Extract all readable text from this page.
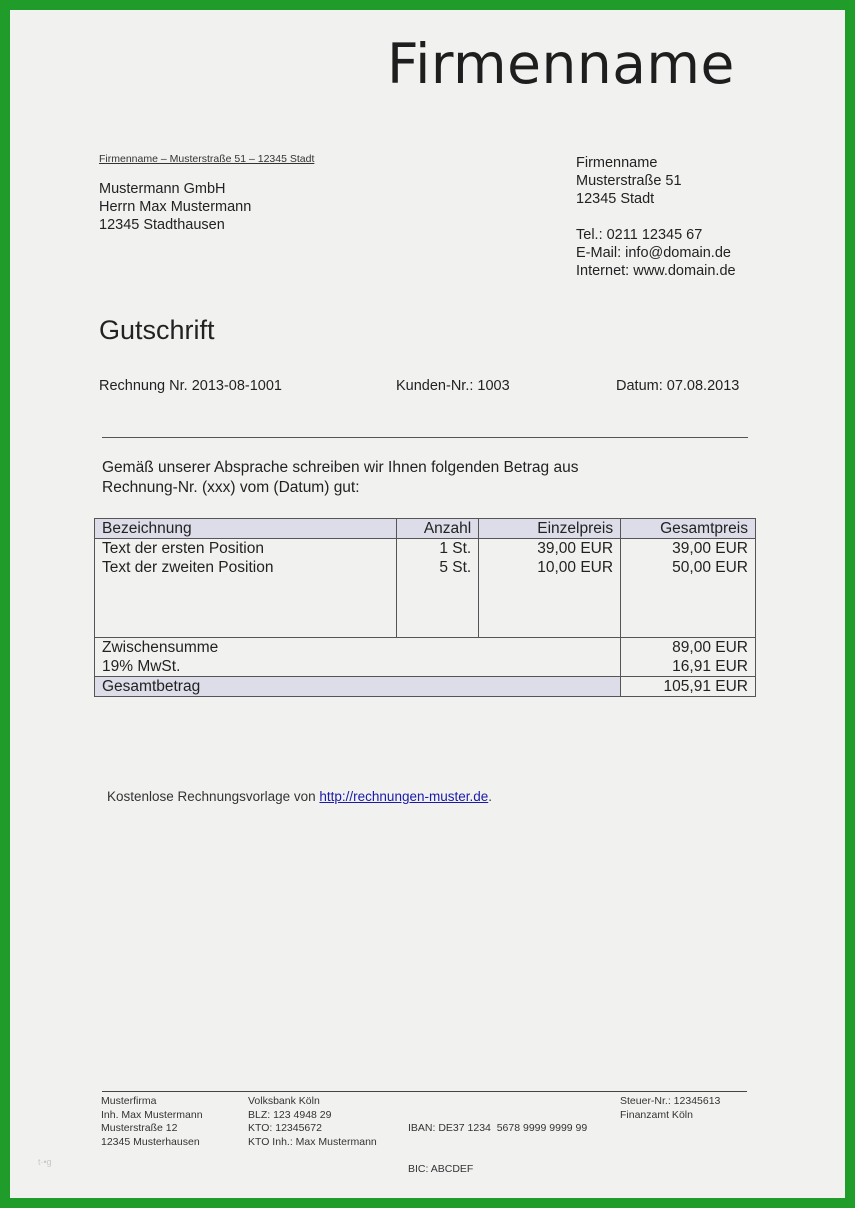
Firmenname
Firmenname – Musterstraße 51 – 12345 Stadt
Mustermann GmbH
Herrn Max Mustermann
12345 Stadthausen
Firmenname
Musterstraße 51
12345 Stadt
Tel.: 0211 12345 67
E-Mail: info@domain.de
Internet: www.domain.de
Gutschrift
Rechnung Nr. 2013-08-1001	Kunden-Nr.: 1003	Datum: 07.08.2013
Gemäß unserer Absprache schreiben wir Ihnen folgenden Betrag aus
Rechnung-Nr. (xxx) vom (Datum) gut:
Bezeichnung	Anzahl	Einzelpreis	Gesamtpreis
Text der ersten Position	1 St.	39,00 EUR	39,00 EUR
Text der zweiten Position	5 St.	10,00 EUR	50,00 EUR

Zwischensumme			89,00 EUR
19% MwSt.			16,91 EUR
Gesamtbetrag			105,91 EUR
Kostenlose Rechnungsvorlage von http://rechnungen-muster.de.
Musterfirma
Inh. Max Mustermann
Musterstraße 12
12345 Musterhausen
Volksbank Köln
BLZ: 123 4948 29
KTO: 12345672
KTO Inh.: Max Mustermann

IBAN: DE37 1234  5678 9999 9999 99

BIC: ABCDEF

Steuer-Nr.: 12345613
Finanzamt Köln
t·•g
